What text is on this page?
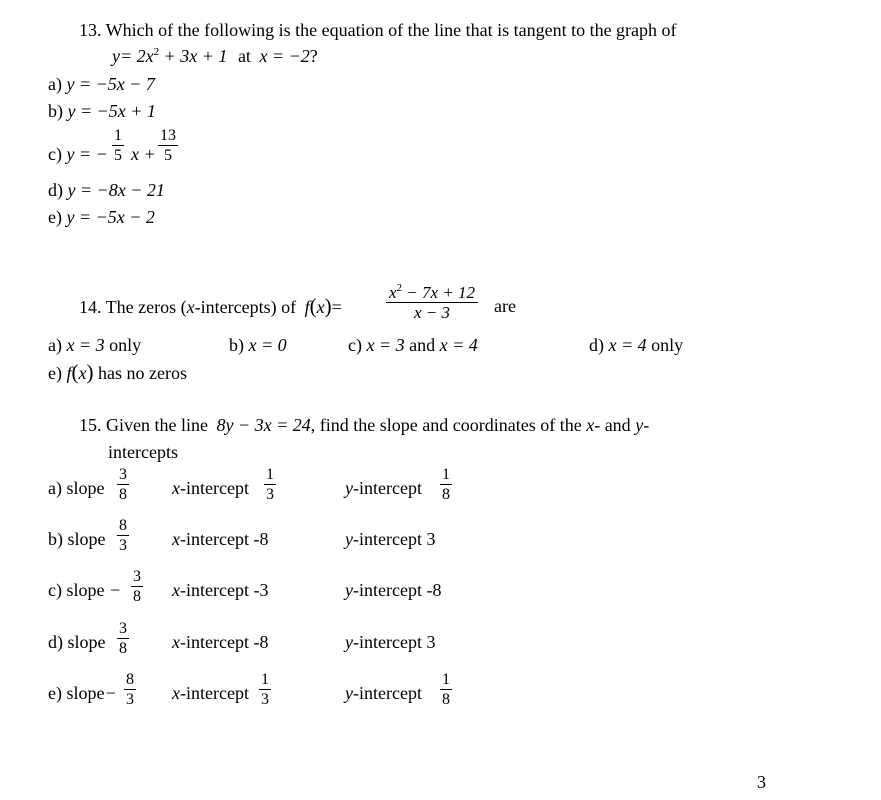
13. Which of the following is the equation of the line that is tangent to the graph of
$y= 2x^2 + 3x + 1$ at x = −2?
a) y = −5x − 7
b) y = −5x + 1
c) y = − $\frac{1}{5}$ $x + \frac{13}{5}$
d) y = −8x − 21
e) y = −5x − 2
14. The zeros (x-intercepts) of f(x)=	$\frac{x^2 - 7x + 12}{x - 3}$ are
a) x = 3 only	b) x = 0	c) x = 3 and x = 4	d) x = 4 only
e) f(x) has no zeros
15. Given the line 8y − 3x = 24, find the slope and coordinates of the x- and y-
intercepts
a) slope $\frac{3}{8}$ x-intercept $\frac{1}{3}$	y-intercept $\frac{1}{8}$
b) slope $\frac{8}{3}$ x-intercept -8	y-intercept 3
c) slope − $\frac{3}{8}$ x-intercept -3	y-intercept -8
d) slope $\frac{3}{8}$ x-intercept -8	y-intercept 3
e) slope− $\frac{8}{3}$ x-intercept $\frac{1}{3}$	y-intercept $\frac{1}{8}$
3
